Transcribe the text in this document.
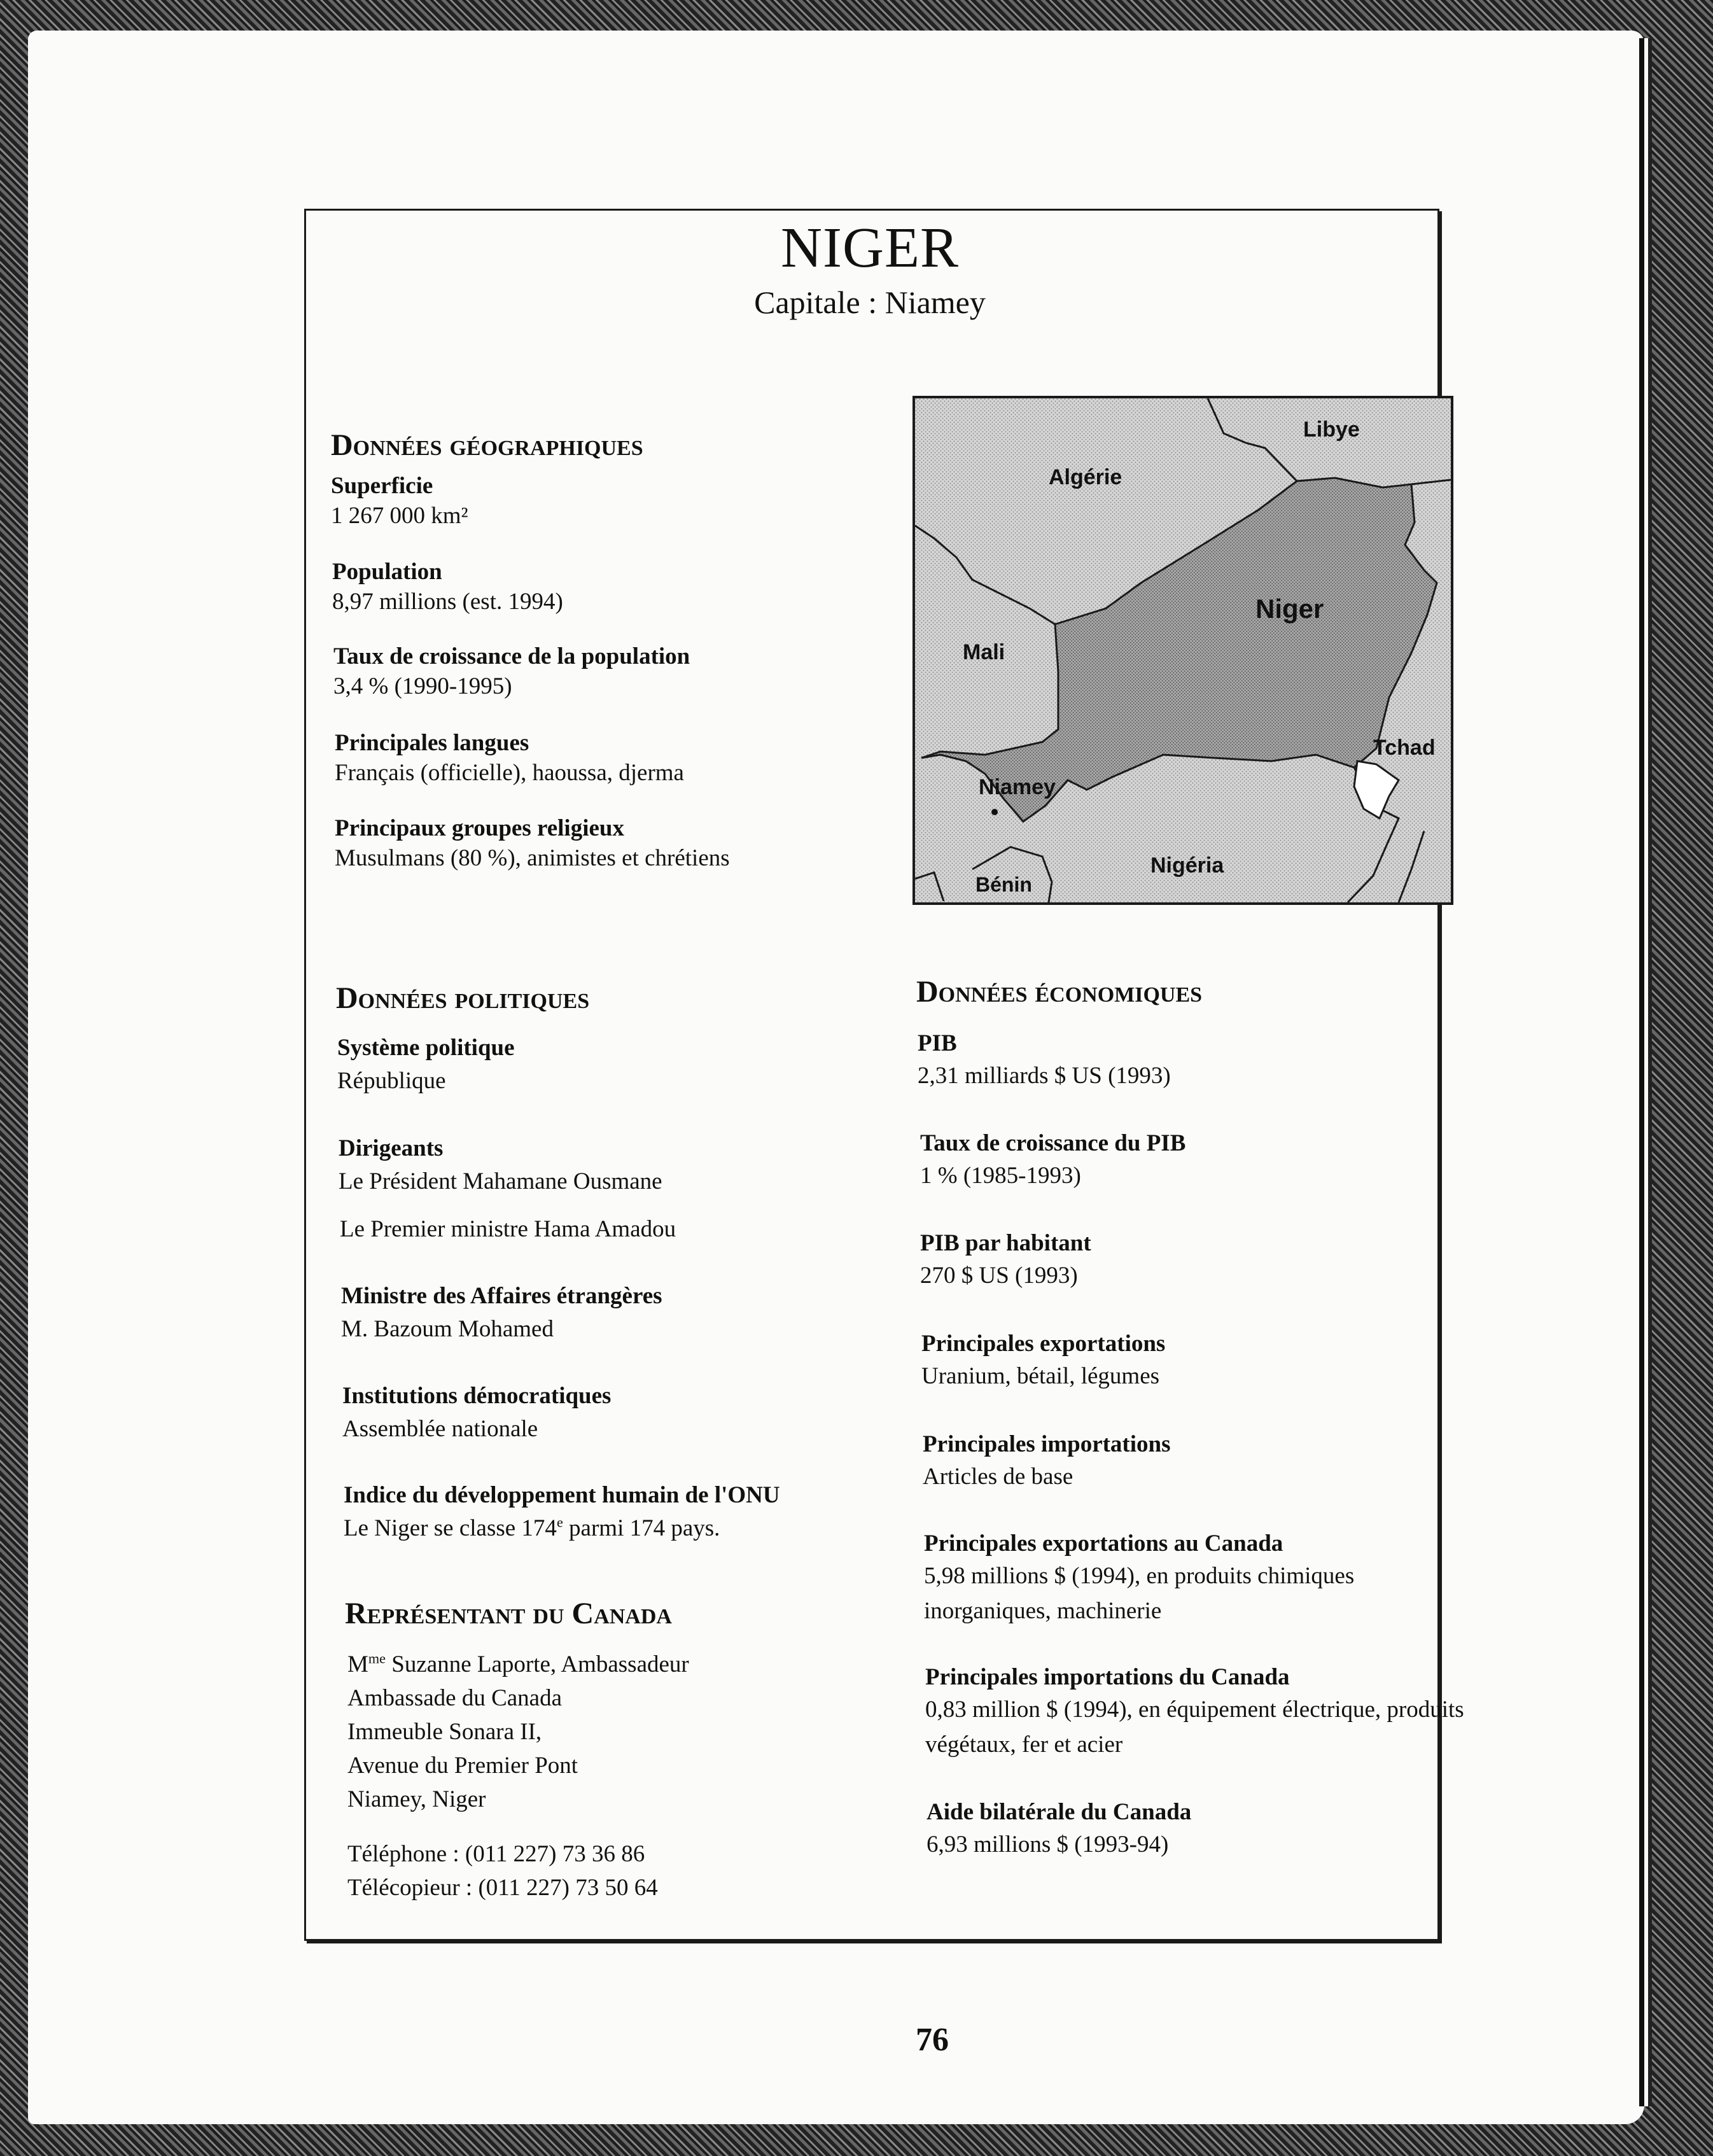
NIGER
Capitale : Niamey
Données géographiques
Superficie
1 267 000 km²
Population
8,97 millions (est. 1994)
Taux de croissance de la population
3,4 % (1990-1995)
Principales langues
Français (officielle), haoussa, djerma
Principaux groupes religieux
Musulmans (80 %), animistes et chrétiens
Libye
Algérie
Niger
Mali
Tchad
Niamey
Nigéria
Bénin
Données politiques
Système politique
République
Dirigeants
Le Président Mahamane Ousmane
Le Premier ministre Hama Amadou
Ministre des Affaires étrangères
M. Bazoum Mohamed
Institutions démocratiques
Assemblée nationale
Indice du développement humain de l'ONU
Le Niger se classe 174e parmi 174 pays.
Représentant du Canada
$M^{me}$ Suzanne Laporte, Ambassadeur
Ambassade du Canada
Immeuble Sonara II,
Avenue du Premier Pont
Niamey, Niger
Téléphone : (011 227) 73 36 86
Télécopieur : (011 227) 73 50 64
Données économiques
PIB
2,31 milliards $ US (1993)
Taux de croissance du PIB
1 % (1985-1993)
PIB par habitant
270 $ US (1993)
Principales exportations
Uranium, bétail, légumes
Principales importations
Articles de base
Principales exportations au Canada
5,98 millions $ (1994), en produits chimiques
inorganiques, machinerie
Principales importations du Canada
0,83 million $ (1994), en équipement électrique, produits
végétaux, fer et acier
Aide bilatérale du Canada
6,93 millions $ (1993-94)
76
